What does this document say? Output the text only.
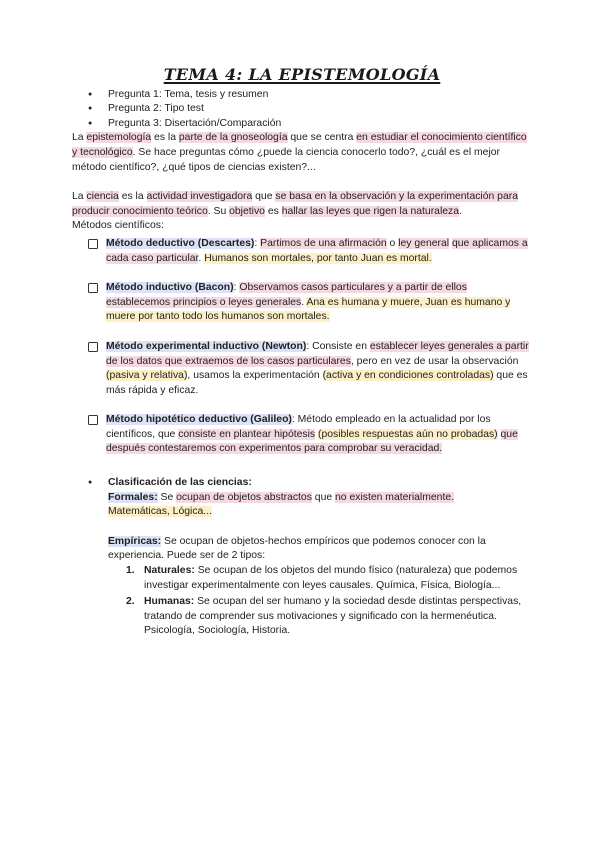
TEMA 4: LA EPISTEMOLOGÍA
● Pregunta 1: Tema, tesis y resumen
● Pregunta 2: Tipo test
● Pregunta 3: Disertación/Comparación

La epistemología es la parte de la gnoseología que se centra en estudiar el conocimiento científico y tecnológico. Se hace preguntas cómo ¿puede la ciencia conocerlo todo?, ¿cuál es el mejor método científico?, ¿qué tipos de ciencias existen?...

La ciencia es la actividad investigadora que se basa en la observación y la experimentación para producir conocimiento teórico. Su objetivo es hallar las leyes que rigen la naturaleza.

Métodos científicos:

Método deductivo (Descartes): Partimos de una afirmación o ley general que aplicamos a cada caso particular. Humanos son mortales, por tanto Juan es mortal.
Método inductivo (Bacon): Observamos casos particulares y a partir de ellos establecemos principios o leyes generales. Ana es humana y muere, Juan es humano y muere por tanto todo los humanos son mortales.
Método experimental inductivo (Newton): Consiste en establecer leyes generales a partir de los datos que extraemos de los casos particulares, pero en vez de usar la observación (pasiva y relativa), usamos la experimentación (activa y en condiciones controladas) que es más rápida y eficaz.
Método hipotético deductivo (Galileo): Método empleado en la actualidad por los científicos, que consiste en plantear hipótesis (posibles respuestas aún no probadas) que después contestaremos con experimentos para comprobar su veracidad.
● Clasificación de las ciencias:
Formales: Se ocupan de objetos abstractos que no existen materialmente.
Matemáticas, Lógica...
Empíricas: Se ocupan de objetos-hechos empíricos que podemos conocer con la experiencia. Puede ser de 2 tipos:
1. Naturales: Se ocupan de los objetos del mundo físico (naturaleza) que podemos investigar experimentalmente con leyes causales. Química, Física, Biología...
2. Humanas: Se ocupan del ser humano y la sociedad desde distintas perspectivas, tratando de comprender sus motivaciones y significado con la hermenéutica. Psicología, Sociología, Historia.
